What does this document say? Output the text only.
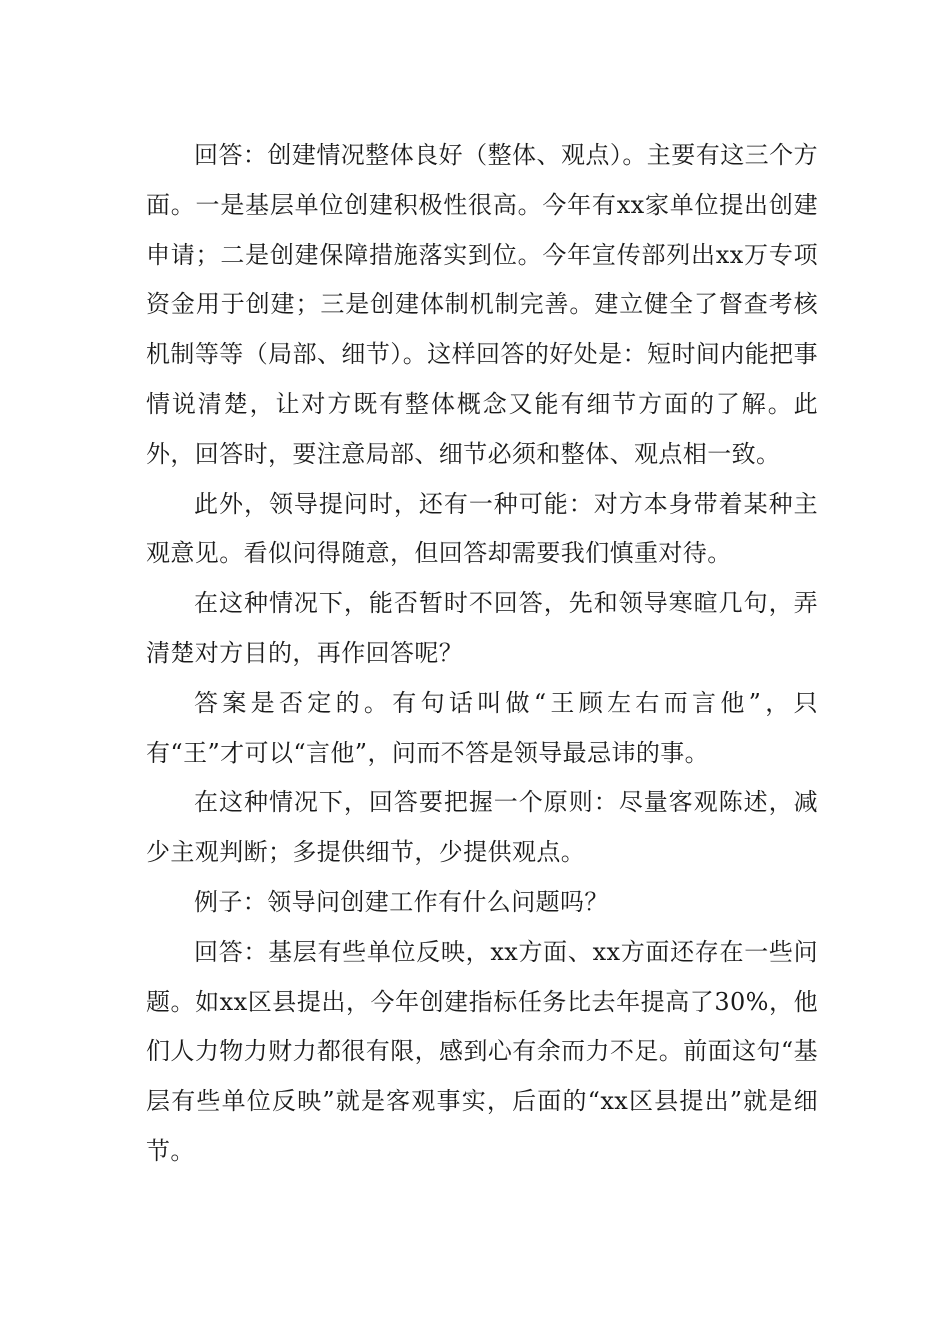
回答：创建情况整体良好（整体、观点）。主要有这三个方面。一是基层单位创建积极性很高。今年有xx家单位提出创建申请；二是创建保障措施落实到位。今年宣传部列出xx万专项资金用于创建；三是创建体制机制完善。建立健全了督查考核机制等等（局部、细节）。这样回答的好处是：短时间内能把事情说清楚，让对方既有整体概念又能有细节方面的了解。此外，回答时，要注意局部、细节必须和整体、观点相一致。

此外，领导提问时，还有一种可能：对方本身带着某种主观意见。看似问得随意，但回答却需要我们慎重对待。

在这种情况下，能否暂时不回答，先和领导寒暄几句，弄清楚对方目的，再作回答呢？

答案是否定的。有句话叫做“王顾左右而言他”，只有“王”才可以“言他”，问而不答是领导最忌讳的事。

在这种情况下，回答要把握一个原则：尽量客观陈述，减少主观判断；多提供细节，少提供观点。

例子：领导问创建工作有什么问题吗？

回答：基层有些单位反映，xx方面、xx方面还存在一些问题。如xx区县提出，今年创建指标任务比去年提高了30%，他们人力物力财力都很有限，感到心有余而力不足。前面这句“基层有些单位反映”就是客观事实，后面的“xx区县提出”就是细节。
